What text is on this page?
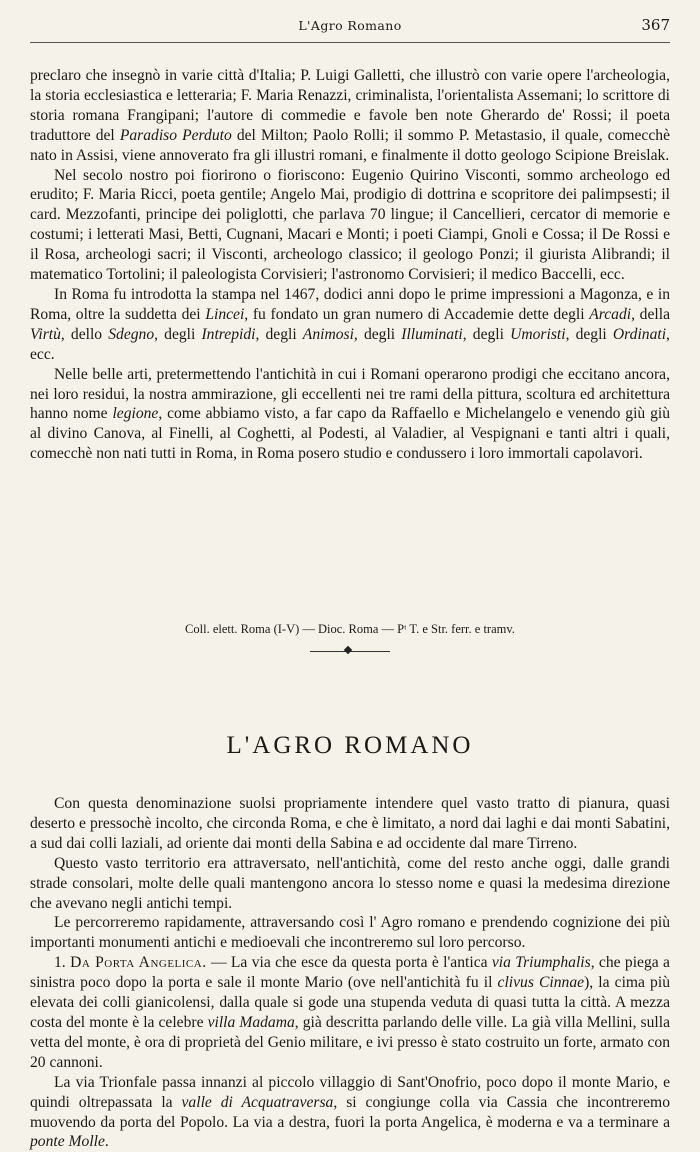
L'Agro Romano	367

preclaro che insegnò in varie città d'Italia; P. Luigi Galletti, che illustrò con varie opere l'archeologia, la storia ecclesiastica e letteraria; F. Maria Renazzi, criminalista, l'orientalista Assemani; lo scrittore di storia romana Frangipani; l'autore di commedie e favole ben note Gherardo de' Rossi; il poeta traduttore del Paradiso Perduto del Milton; Paolo Rolli; il sommo P. Metastasio, il quale, comecchè nato in Assisi, viene annoverato fra gli illustri romani, e finalmente il dotto geologo Scipione Breislak.

Nel secolo nostro poi fiorirono o fioriscono: Eugenio Quirino Visconti, sommo archeologo ed erudito; F. Maria Ricci, poeta gentile; Angelo Mai, prodigio di dottrina e scopritore dei palimpsesti; il card. Mezzofanti, principe dei poliglotti, che parlava 70 lingue; il Cancellieri, cercator di memorie e costumi; i letterati Masi, Betti, Cugnani, Macari e Monti; i poeti Ciampi, Gnoli e Cossa; il De Rossi e il Rosa, archeologi sacri; il Visconti, archeologo classico; il geologo Ponzi; il giurista Alibrandi; il matematico Tortolini; il paleologista Corvisieri; l'astronomo Corvisieri; il medico Baccelli, ecc.

In Roma fu introdotta la stampa nel 1467, dodici anni dopo le prime impressioni a Magonza, e in Roma, oltre la suddetta dei Lincei, fu fondato un gran numero di Accademie dette degli Arcadi, della Virtù, dello Sdegno, degli Intrepidi, degli Animosi, degli Illuminati, degli Umoristi, degli Ordinati, ecc.

Nelle belle arti, pretermettendo l'antichità in cui i Romani operarono prodigi che eccitano ancora, nei loro residui, la nostra ammirazione, gli eccellenti nei tre rami della pittura, scoltura ed architettura hanno nome legione, come abbiamo visto, a far capo da Raffaello e Michelangelo e venendo giù giù al divino Canova, al Finelli, al Coghetti, al Podesti, al Valadier, al Vespignani e tanti altri i quali, comecchè non nati tutti in Roma, in Roma posero studio e condussero i loro immortali capolavori.

Coll. elett. Roma (I-V) — Dioc. Roma — Pᵗ T. e Str. ferr. e tramv.
L'AGRO ROMANO

Con questa denominazione suolsi propriamente intendere quel vasto tratto di pianura, quasi deserto e pressochè incolto, che circonda Roma, e che è limitato, a nord dai laghi e dai monti Sabatini, a sud dai colli laziali, ad oriente dai monti della Sabina e ad occidente dal mare Tirreno.

Questo vasto territorio era attraversato, nell'antichità, come del resto anche oggi, dalle grandi strade consolari, molte delle quali mantengono ancora lo stesso nome e quasi la medesima direzione che avevano negli antichi tempi.

Le percorreremo rapidamente, attraversando così l' Agro romano e prendendo cognizione dei più importanti monumenti antichi e medioevali che incontreremo sul loro percorso.

1. Da Porta Angelica. — La via che esce da questa porta è l'antica via Triumphalis, che piega a sinistra poco dopo la porta e sale il monte Mario (ove nell'antichità fu il clivus Cinnae), la cima più elevata dei colli gianicolensi, dalla quale si gode una stupenda veduta di quasi tutta la città. A mezza costa del monte è la celebre villa Madama, già descritta parlando delle ville. La già villa Mellini, sulla vetta del monte, è ora di proprietà del Genio militare, e ivi presso è stato costruito un forte, armato con 20 cannoni.

La via Trionfale passa innanzi al piccolo villaggio di Sant'Onofrio, poco dopo il monte Mario, e quindi oltrepassata la valle di Acquatraversa, si congiunge colla via Cassia che incontreremo muovendo da porta del Popolo. La via a destra, fuori la porta Angelica, è moderna e va a terminare a ponte Molle.
